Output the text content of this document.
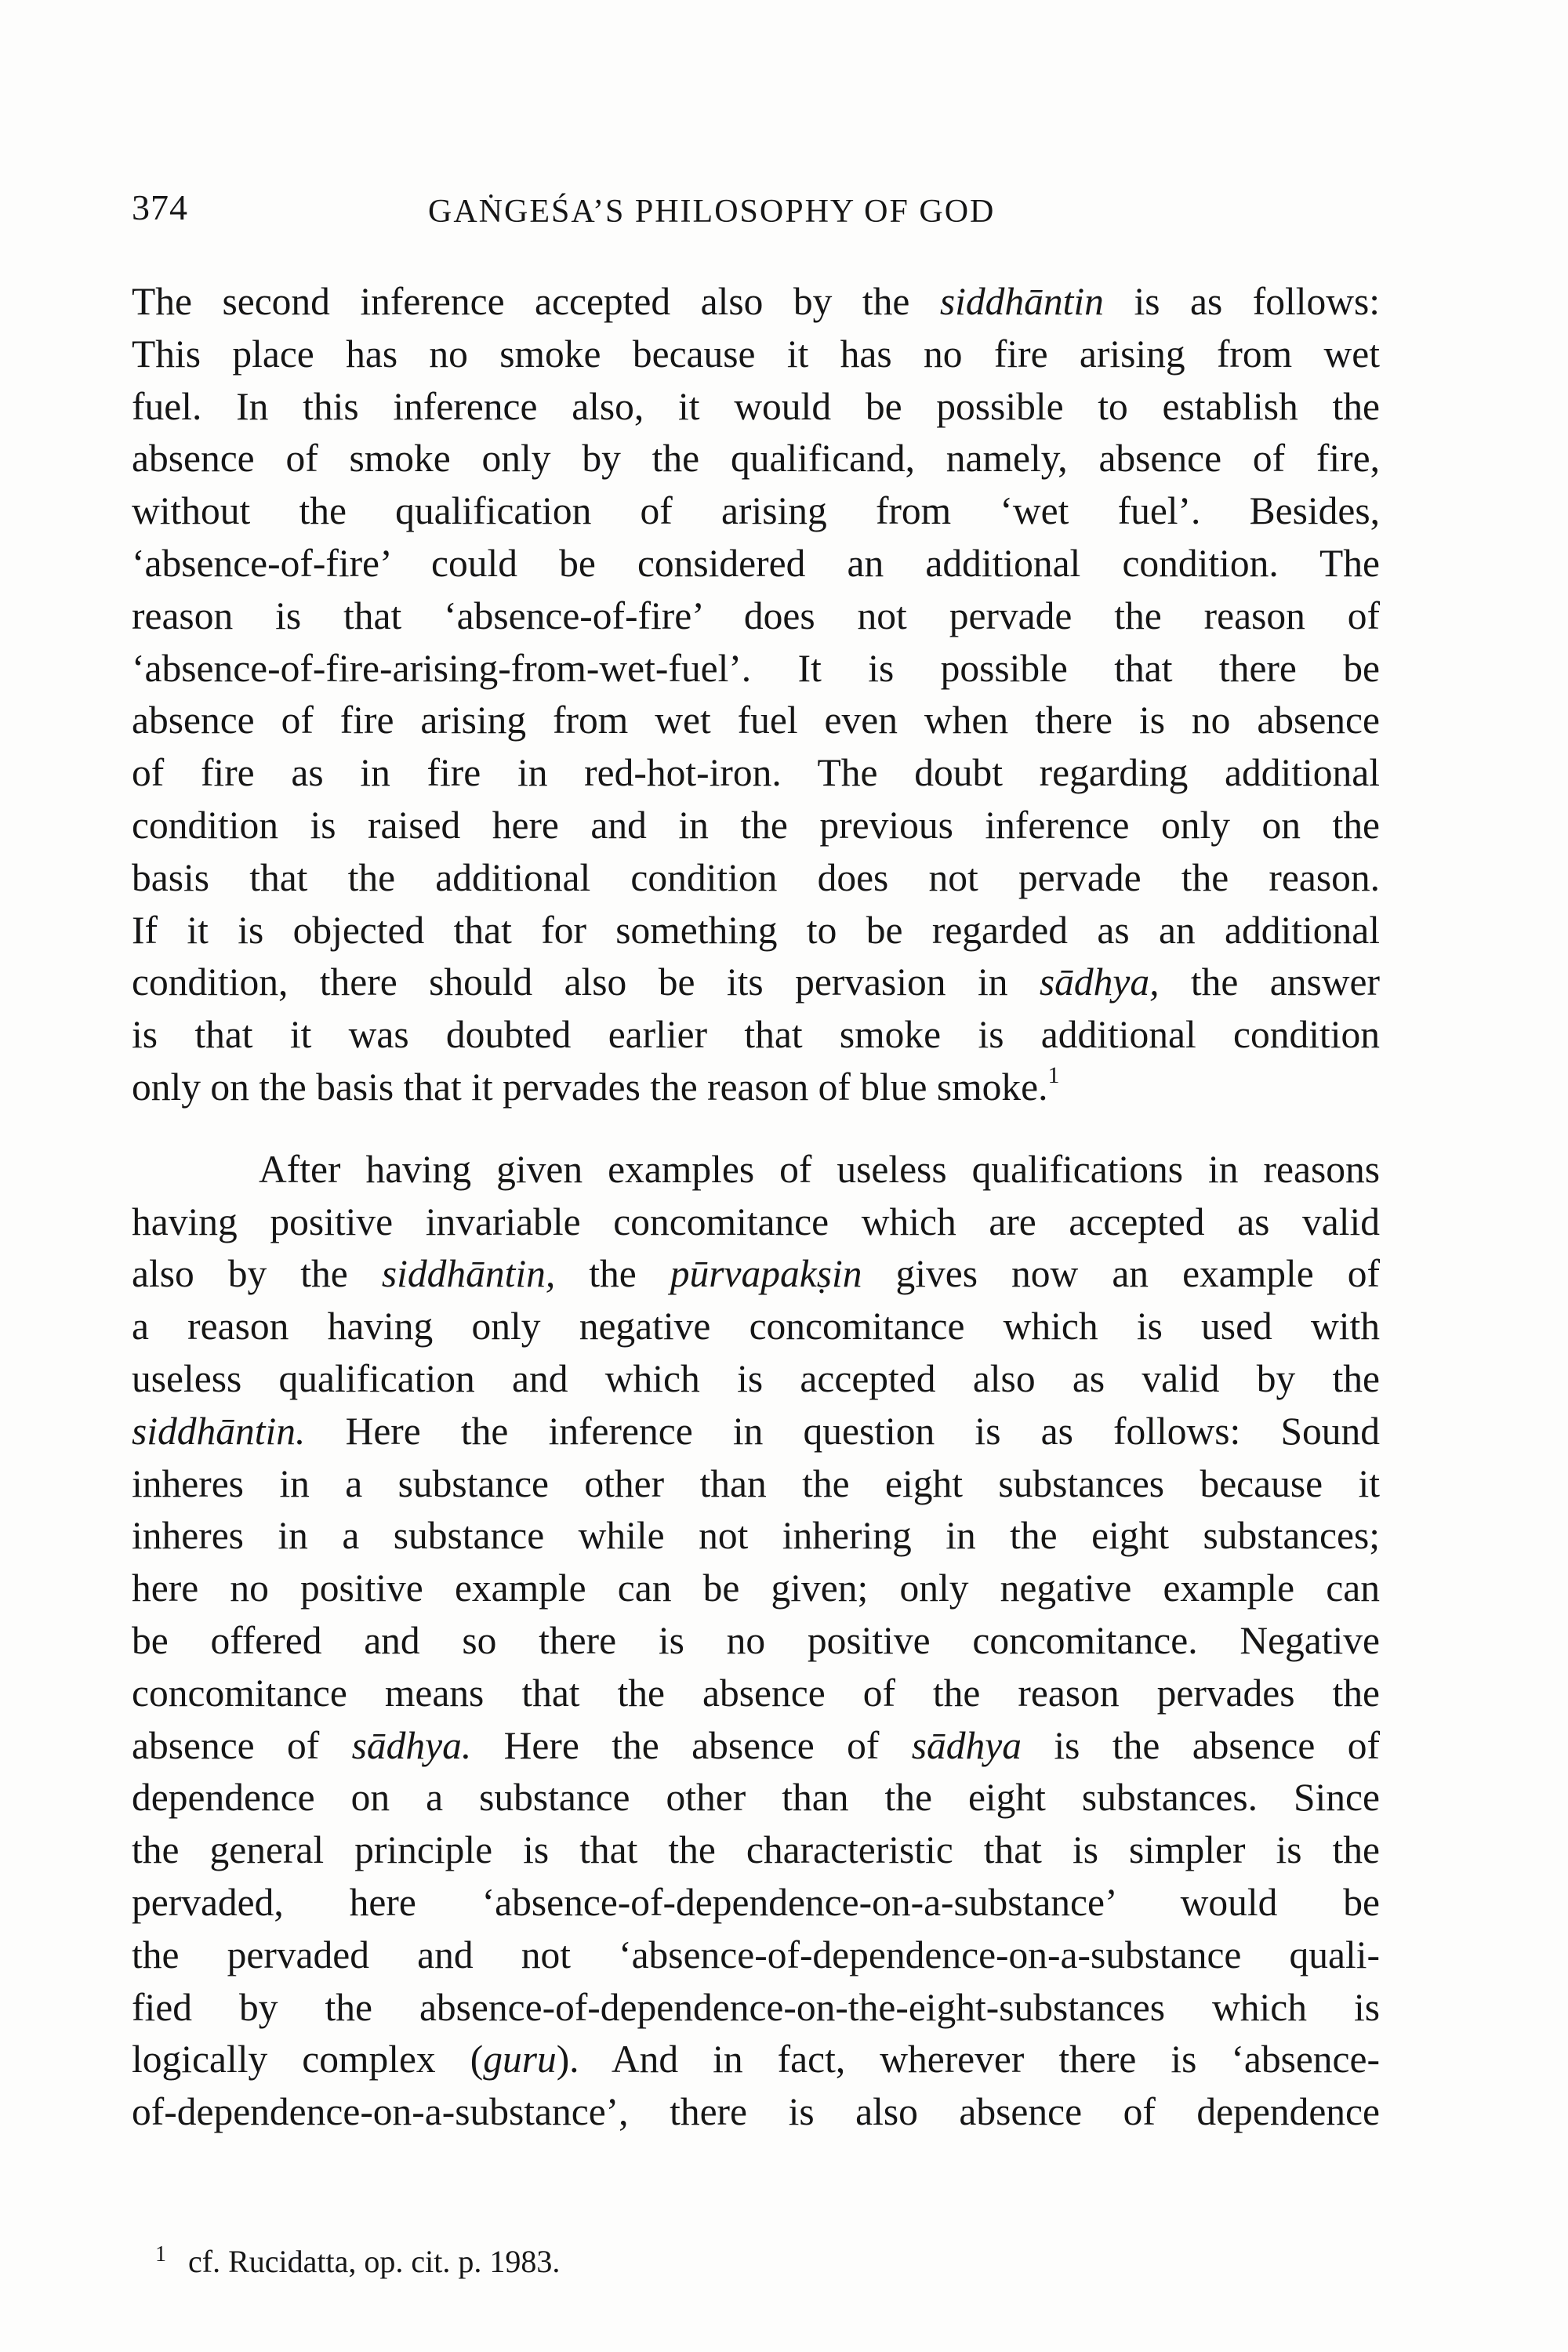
374	GAṄGEŚA’S PHILOSOPHY OF GOD
The second inference accepted also by the siddhāntin is as follows:
This place has no smoke because it has no fire arising from wet
fuel. In this inference also, it would be possible to establish the
absence of smoke only by the qualificand, namely, absence of fire,
without the qualification of arising from ‘wet fuel’. Besides,
‘absence-of-fire’ could be considered an additional condition. The
reason is that ‘absence-of-fire’ does not pervade the reason of
‘absence-of-fire-arising-from-wet-fuel’. It is possible that there be
absence of fire arising from wet fuel even when there is no absence
of fire as in fire in red-hot-iron. The doubt regarding additional
condition is raised here and in the previous inference only on the
basis that the additional condition does not pervade the reason.
If it is objected that for something to be regarded as an additional
condition, there should also be its pervasion in sādhya, the answer
is that it was doubted earlier that smoke is additional condition
only on the basis that it pervades the reason of blue smoke.$^1$
After having given examples of useless qualifications in reasons
having positive invariable concomitance which are accepted as valid
also by the siddhāntin, the pūrvapakṣin gives now an example of
a reason having only negative concomitance which is used with
useless qualification and which is accepted also as valid by the
siddhāntin. Here the inference in question is as follows: Sound
inheres in a substance other than the eight substances because it
inheres in a substance while not inhering in the eight substances;
here no positive example can be given; only negative example can
be offered and so there is no positive concomitance. Negative
concomitance means that the absence of the reason pervades the
absence of sādhya. Here the absence of sādhya is the absence of
dependence on a substance other than the eight substances. Since
the general principle is that the characteristic that is simpler is the
pervaded, here ‘absence-of-dependence-on-a-substance’ would be
the pervaded and not ‘absence-of-dependence-on-a-substance quali-
fied by the absence-of-dependence-on-the-eight-substances which is
logically complex (guru). And in fact, wherever there is ‘absence-
of-dependence-on-a-substance’, there is also absence of dependence
$^1$ cf. Rucidatta, op. cit. p. 1983.
